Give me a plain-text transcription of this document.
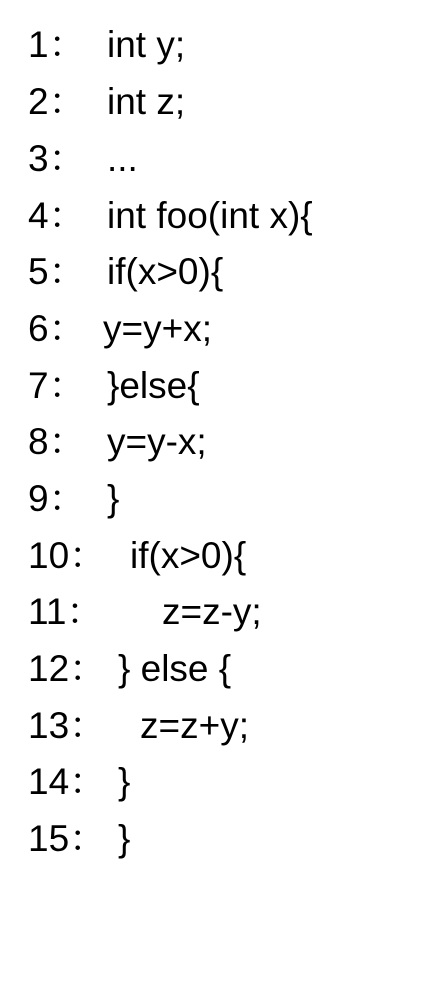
1：

int y;

2：

int z;

3：

...

4：

int foo(int x){

5：

if(x>0){

6：

y=y+x;

7：

}else{

8：

y=y-x;

9：

}

10：

if(x>0){

11：

z=z-y;

12：

} else {

13：

z=z+y;

14：

}

15：

}
